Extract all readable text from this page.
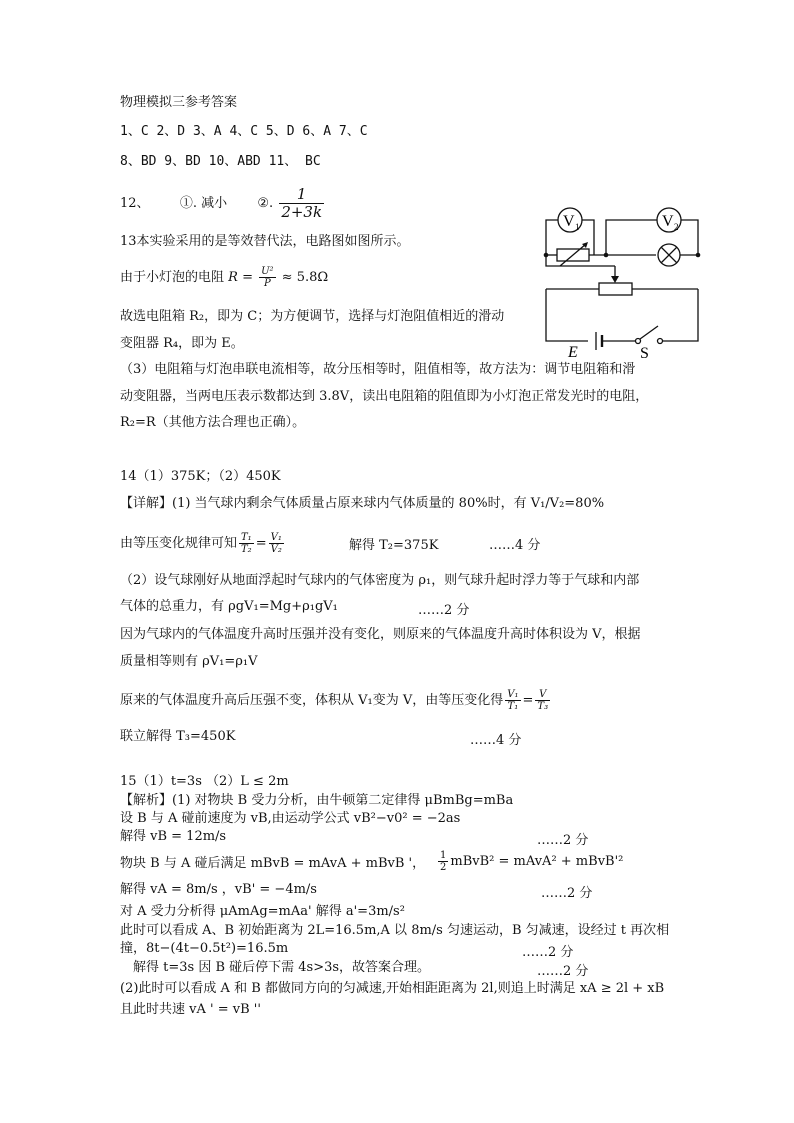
物理模拟三参考答案
1、C 2、D 3、A 4、C 5、D 6、A 7、C
8、BD 9、BD 10、ABD 11、 BC
12、 ①. 减小 ②. $\frac{1}{2+3k}$
13本实验采用的是等效替代法，电路图如图所示。
由于小灯泡的电阻 $R = \frac{\text{U²}}{P} \approx 5.8\Omega$
故选电阻箱 R₂，即为 C；为方便调节，选择与灯泡阻值相近的滑动
变阻器 R₄，即为 E。
（3）电阻箱与灯泡串联电流相等，故分压相等时，阻值相等，故方法为：调节电阻箱和滑
动变阻器，当两电压表示数都达到 3.8V，读出电阻箱的阻值即为小灯泡正常发光时的电阻，
R₂=R（其他方法合理也正确）。
V 1	V 2
E	S
14（1）375K；（2）450K
【详解】(1) 当气球内剩余气体质量占原来球内气体质量的 80%时，有 V₁/V₂=80%
由等压变化规律可知 $\frac{\text{T₁}}{\text{T₂}} = \frac{\text{V₁}}{\text{V₂}}$	解得 T₂=375K	……4 分
（2）设气球刚好从地面浮起时气球内的气体密度为 ρ₁，则气球升起时浮力等于气球和内部
气体的总重力，有 ρgV₁=Mg+ρ₁gV₁	……2 分
因为气球内的气体温度升高时压强并没有变化，则原来的气体温度升高时体积设为 V，根据
质量相等则有 ρV₁=ρ₁V
原来的气体温度升高后压强不变，体积从 V₁变为 V，由等压变化得 $\frac{\text{V₁}}{\text{T₁}} = \frac{V}{\text{T₃}}$
联立解得 T₃=450K	……4 分
15（1）t=3s （2）L ≤ 2m
【解析】(1) 对物块 B 受力分析，由牛顿第二定律得 μBmBg=mBa
设 B 与 A 碰前速度为 vB,由运动学公式 vB²−v0² = −2as
解得 vB = 12m/s	……2 分
物块 B 与 A 碰后满足 mBvB = mAvA + mBvB '， $\frac{1}{2}$ mBvB² = mAvA² + mBvB'²
解得 vA = 8m/s ，vB' = −4m/s	……2 分
对 A 受力分析得 μAmAg=mAa' 解得 a'=3m/s²
此时可以看成 A、B 初始距离为 2L=16.5m,A 以 8m/s 匀速运动，B 匀减速，设经过 t 再次相
撞，8t−(4t−0.5t²)=16.5m	……2 分
解得 t=3s 因 B 碰后停下需 4s>3s，故答案合理。	……2 分
(2)此时可以看成 A 和 B 都做同方向的匀减速,开始相距距离为 2l,则追上时满足 xA ≥ 2l + xB
且此时共速 vA ' = vB ''
